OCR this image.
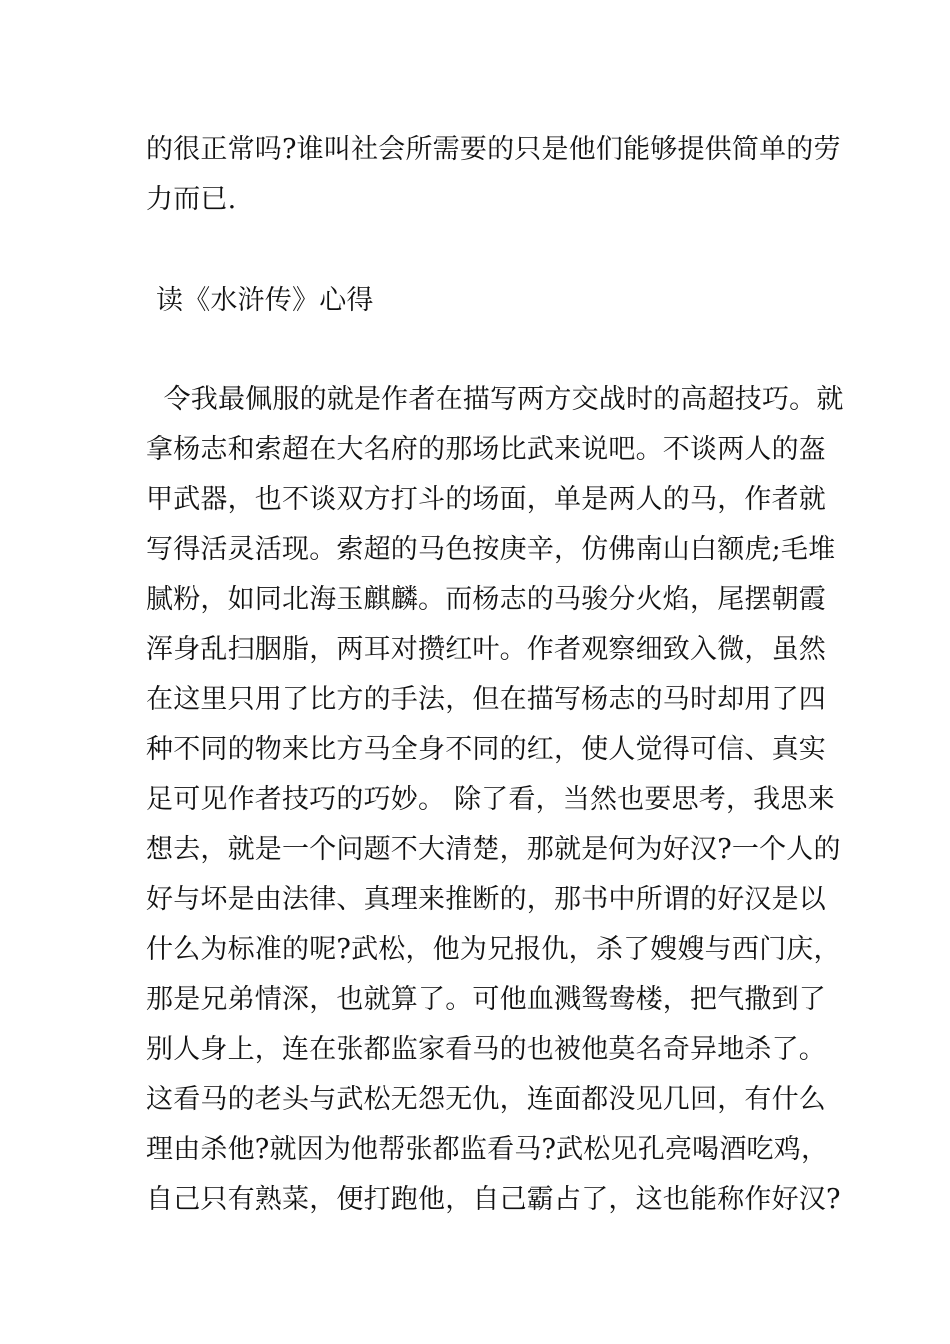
的很正常吗?谁叫社会所需要的只是他们能够提供简单的劳
力而已.
读《水浒传》心得
令我最佩服的就是作者在描写两方交战时的高超技巧。就
拿杨志和索超在大名府的那场比武来说吧。不谈两人的盔
甲武器，也不谈双方打斗的场面，单是两人的马，作者就
写得活灵活现。索超的马色按庚辛，仿佛南山白额虎;毛堆
腻粉，如同北海玉麒麟。而杨志的马骏分火焰，尾摆朝霞
浑身乱扫胭脂，两耳对攒红叶。作者观察细致入微，虽然
在这里只用了比方的手法，但在描写杨志的马时却用了四
种不同的物来比方马全身不同的红，使人觉得可信、真实
足可见作者技巧的巧妙。 除了看，当然也要思考，我思来
想去，就是一个问题不大清楚，那就是何为好汉?一个人的
好与坏是由法律、真理来推断的，那书中所谓的好汉是以
什么为标准的呢?武松，他为兄报仇，杀了嫂嫂与西门庆，
那是兄弟情深，也就算了。可他血溅鸳鸯楼，把气撒到了
别人身上，连在张都监家看马的也被他莫名奇异地杀了。
这看马的老头与武松无怨无仇，连面都没见几回，有什么
理由杀他?就因为他帮张都监看马?武松见孔亮喝酒吃鸡，
自己只有熟菜，便打跑他，自己霸占了，这也能称作好汉?
